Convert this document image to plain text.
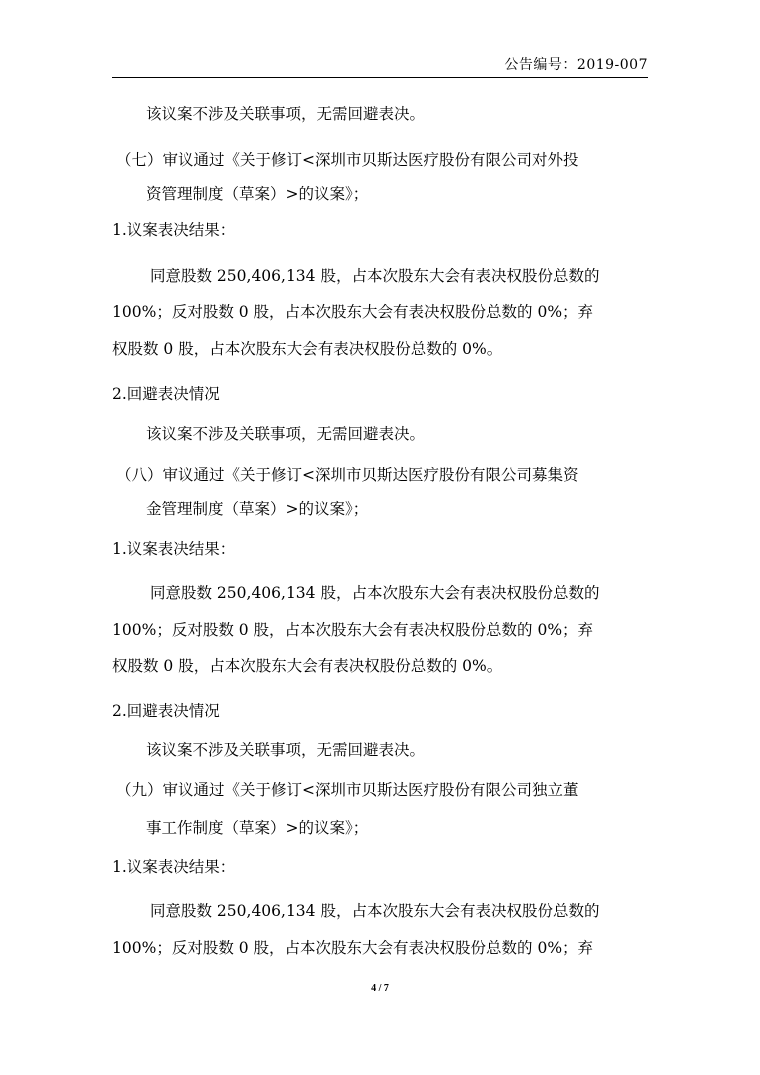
公告编号：2019-007
该议案不涉及关联事项，无需回避表决。
（七）审议通过《关于修订<深圳市贝斯达医疗股份有限公司对外投
资管理制度（草案）>的议案》；
1.议案表决结果：
同意股数 250,406,134 股，占本次股东大会有表决权股份总数的
100%；反对股数 0 股，占本次股东大会有表决权股份总数的 0%；弃
权股数 0 股，占本次股东大会有表决权股份总数的 0%。
2.回避表决情况
该议案不涉及关联事项，无需回避表决。
（八）审议通过《关于修订<深圳市贝斯达医疗股份有限公司募集资
金管理制度（草案）>的议案》；
1.议案表决结果：
同意股数 250,406,134 股，占本次股东大会有表决权股份总数的
100%；反对股数 0 股，占本次股东大会有表决权股份总数的 0%；弃
权股数 0 股，占本次股东大会有表决权股份总数的 0%。
2.回避表决情况
该议案不涉及关联事项，无需回避表决。
（九）审议通过《关于修订<深圳市贝斯达医疗股份有限公司独立董
事工作制度（草案）>的议案》；
1.议案表决结果：
同意股数 250,406,134 股，占本次股东大会有表决权股份总数的
100%；反对股数 0 股，占本次股东大会有表决权股份总数的 0%；弃
4 / 7
